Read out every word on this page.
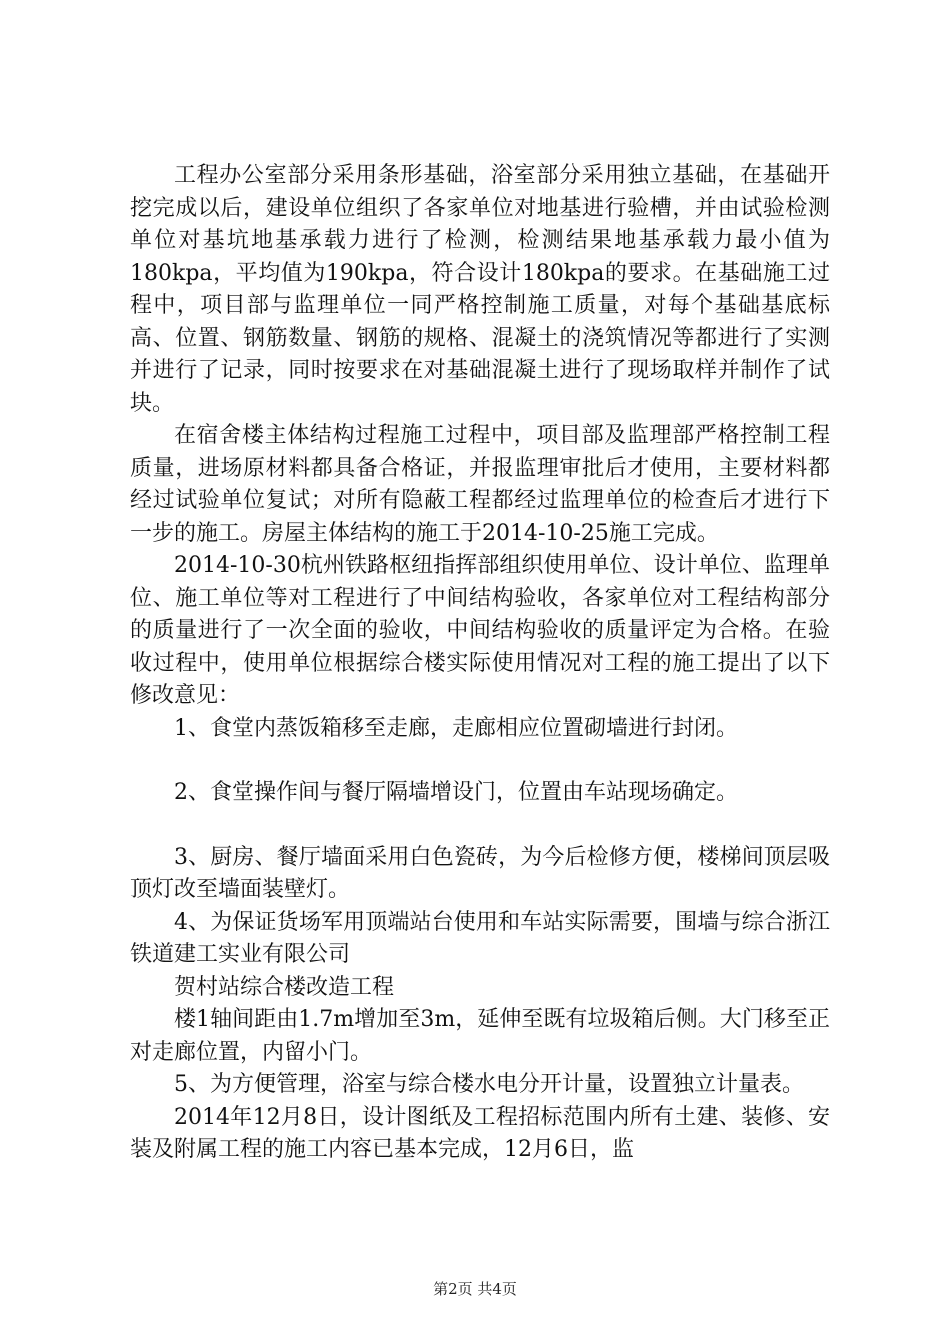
工程办公室部分采用条形基础，浴室部分采用独立基础，在基础开挖完成以后，建设单位组织了各家单位对地基进行验槽，并由试验检测单位对基坑地基承载力进行了检测，检测结果地基承载力最小值为180kpa，平均值为190kpa，符合设计180kpa的要求。在基础施工过程中，项目部与监理单位一同严格控制施工质量，对每个基础基底标高、位置、钢筋数量、钢筋的规格、混凝土的浇筑情况等都进行了实测并进行了记录，同时按要求在对基础混凝土进行了现场取样并制作了试块。

在宿舍楼主体结构过程施工过程中，项目部及监理部严格控制工程质量，进场原材料都具备合格证，并报监理审批后才使用，主要材料都经过试验单位复试；对所有隐蔽工程都经过监理单位的检查后才进行下一步的施工。房屋主体结构的施工于2014-10-25施工完成。

2014-10-30杭州铁路枢纽指挥部组织使用单位、设计单位、监理单位、施工单位等对工程进行了中间结构验收，各家单位对工程结构部分的质量进行了一次全面的验收，中间结构验收的质量评定为合格。在验收过程中，使用单位根据综合楼实际使用情况对工程的施工提出了以下修改意见：

1、食堂内蒸饭箱移至走廊，走廊相应位置砌墙进行封闭。

2、食堂操作间与餐厅隔墙增设门，位置由车站现场确定。

3、厨房、餐厅墙面采用白色瓷砖，为今后检修方便，楼梯间顶层吸顶灯改至墙面装壁灯。

4、为保证货场军用顶端站台使用和车站实际需要，围墙与综合浙江铁道建工实业有限公司

贺村站综合楼改造工程

楼1轴间距由1.7m增加至3m，延伸至既有垃圾箱后侧。大门移至正对走廊位置，内留小门。

5、为方便管理，浴室与综合楼水电分开计量，设置独立计量表。

2014年12月8日，设计图纸及工程招标范围内所有土建、装修、安装及附属工程的施工内容已基本完成，12月6日，监

第2页 共4页
